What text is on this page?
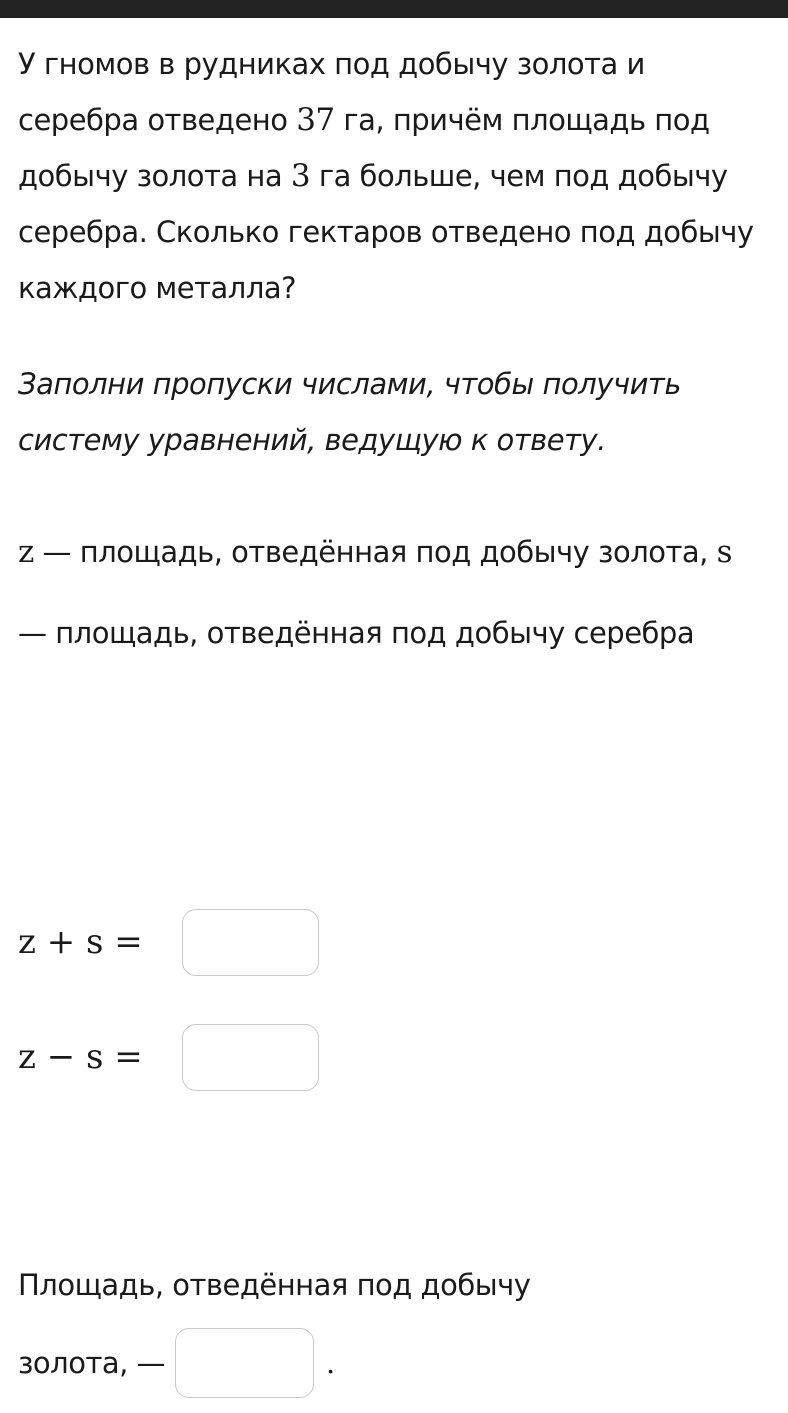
У гномов в рудниках под добычу золота и серебра отведено 37 га, причём площадь под добычу золота на 3 га больше, чем под добычу серебра. Сколько гектаров отведено под добычу каждого металла?

Заполни пропуски числами, чтобы получить систему уравнений, ведущую к ответу.

z — площадь, отведённая под добычу золота, s — площадь, отведённая под добычу серебра

z + s =
z − s =
Площадь, отведённая под добычу
золота, —	.
